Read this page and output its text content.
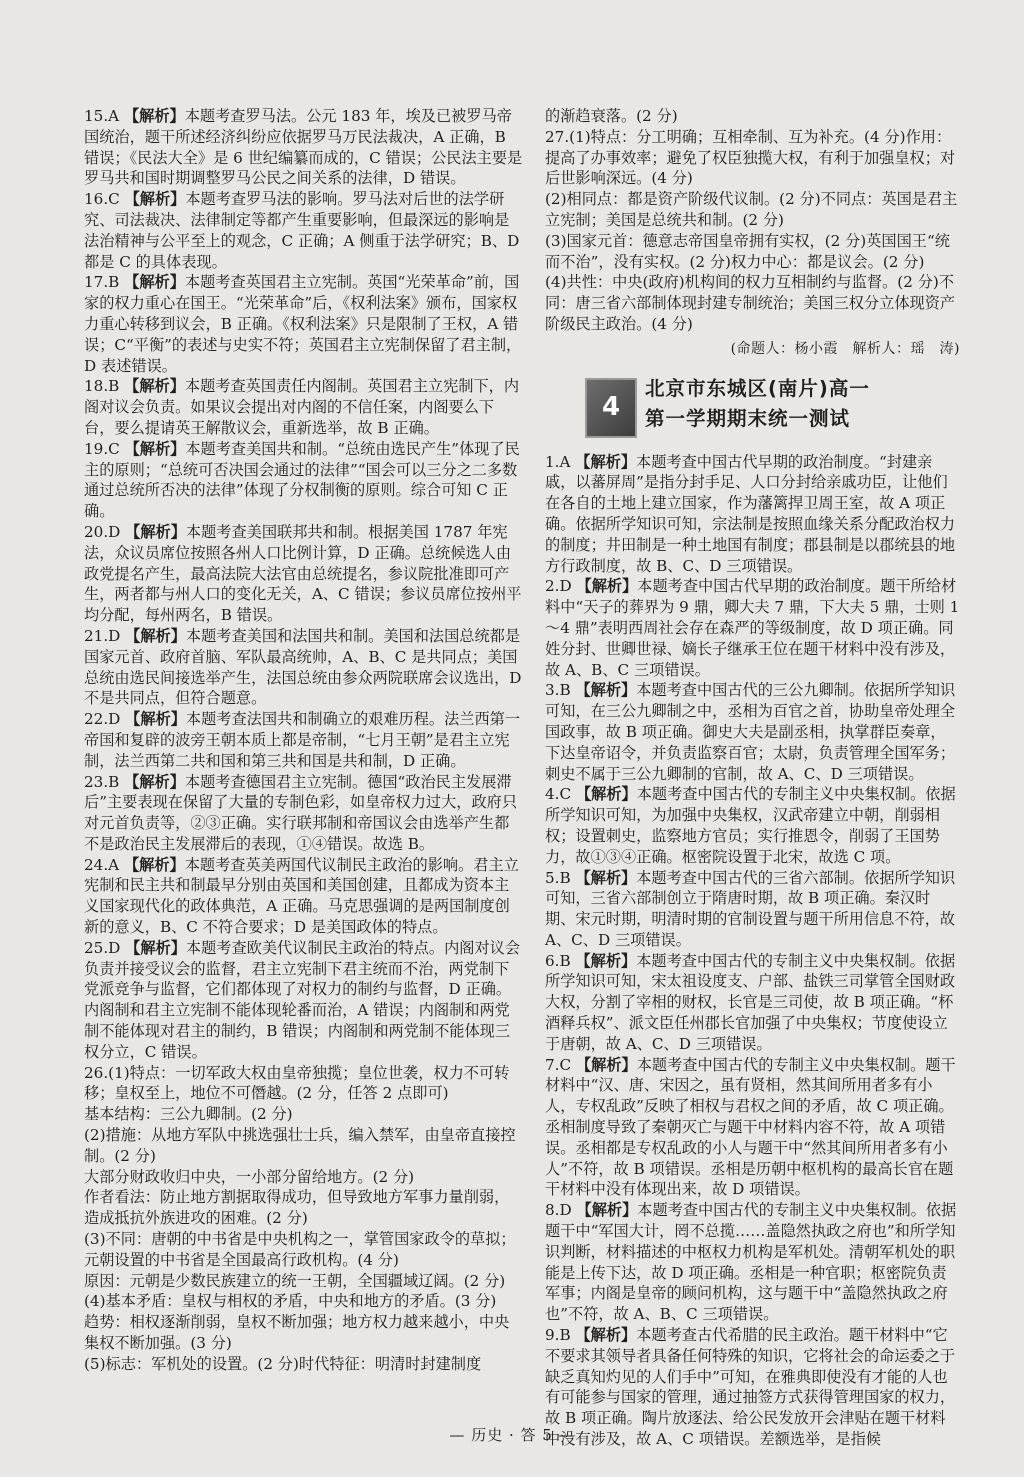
15.A 【解析】本题考查罗马法。公元 183 年，埃及已被罗马帝国统治，题干所述经济纠纷应依据罗马万民法裁决，A 正确，B 错误；《民法大全》是 6 世纪编纂而成的，C 错误；公民法主要是罗马共和国时期调整罗马公民之间关系的法律，D 错误。

16.C 【解析】本题考查罗马法的影响。罗马法对后世的法学研究、司法裁决、法律制定等都产生重要影响，但最深远的影响是法治精神与公平至上的观念，C 正确；A 侧重于法学研究；B、D 都是 C 的具体表现。

17.B 【解析】本题考查英国君主立宪制。英国“光荣革命”前，国家的权力重心在国王。“光荣革命”后，《权利法案》颁布，国家权力重心转移到议会，B 正确。《权利法案》只是限制了王权，A 错误；C“平衡”的表述与史实不符；英国君主立宪制保留了君主制，D 表述错误。

18.B 【解析】本题考查英国责任内阁制。英国君主立宪制下，内阁对议会负责。如果议会提出对内阁的不信任案，内阁要么下台，要么提请英王解散议会，重新选举，故 B 正确。

19.C 【解析】本题考查美国共和制。“总统由选民产生”体现了民主的原则；“总统可否决国会通过的法律”“国会可以三分之二多数通过总统所否决的法律”体现了分权制衡的原则。综合可知 C 正确。

20.D 【解析】本题考查美国联邦共和制。根据美国 1787 年宪法，众议员席位按照各州人口比例计算，D 正确。总统候选人由政党提名产生，最高法院大法官由总统提名，参议院批准即可产生，两者都与州人口的变化无关，A、C 错误；参议员席位按州平均分配，每州两名，B 错误。

21.D 【解析】本题考查美国和法国共和制。美国和法国总统都是国家元首、政府首脑、军队最高统帅，A、B、C 是共同点；美国总统由选民间接选举产生，法国总统由参众两院联席会议选出，D 不是共同点，但符合题意。

22.D 【解析】本题考查法国共和制确立的艰难历程。法兰西第一帝国和复辟的波旁王朝本质上都是帝制，“七月王朝”是君主立宪制，法兰西第二共和国和第三共和国是共和制，D 正确。

23.B 【解析】本题考查德国君主立宪制。德国“政治民主发展滞后”主要表现在保留了大量的专制色彩，如皇帝权力过大，政府只对元首负责等，②③正确。实行联邦制和帝国议会由选举产生都不是政治民主发展滞后的表现，①④错误。故选 B。

24.A 【解析】本题考查英美两国代议制民主政治的影响。君主立宪制和民主共和制最早分别由英国和美国创建，且都成为资本主义国家现代化的政体典范，A 正确。马克思强调的是两国制度创新的意义，B、C 不符合要求；D 是美国政体的特点。

25.D 【解析】本题考查欧美代议制民主政治的特点。内阁对议会负责并接受议会的监督，君主立宪制下君主统而不治，两党制下党派竞争与监督，它们都体现了对权力的制约与监督，D 正确。内阁制和君主立宪制不能体现轮番而治，A 错误；内阁制和两党制不能体现对君主的制约，B 错误；内阁制和两党制不能体现三权分立，C 错误。

26.(1)特点：一切军政大权由皇帝独揽；皇位世袭，权力不可转移；皇权至上，地位不可僭越。(2 分，任答 2 点即可)

基本结构：三公九卿制。(2 分)

(2)措施：从地方军队中挑选强壮士兵，编入禁军，由皇帝直接控制。(2 分)

大部分财政收归中央，一小部分留给地方。(2 分)

作者看法：防止地方割据取得成功，但导致地方军事力量削弱，造成抵抗外族进攻的困难。(2 分)

(3)不同：唐朝的中书省是中央机构之一，掌管国家政令的草拟；元朝设置的中书省是全国最高行政机构。(4 分)

原因：元朝是少数民族建立的统一王朝，全国疆域辽阔。(2 分)

(4)基本矛盾：皇权与相权的矛盾，中央和地方的矛盾。(3 分)

趋势：相权逐渐削弱，皇权不断加强；地方权力越来越小，中央集权不断加强。(3 分)

(5)标志：军机处的设置。(2 分)时代特征：明清时封建制度

的渐趋衰落。(2 分)

27.(1)特点：分工明确；互相牵制、互为补充。(4 分)作用：提高了办事效率；避免了权臣独揽大权，有利于加强皇权；对后世影响深远。(4 分)

(2)相同点：都是资产阶级代议制。(2 分)不同点：英国是君主立宪制；美国是总统共和制。(2 分)

(3)国家元首：德意志帝国皇帝拥有实权，(2 分)英国国王“统而不治”，没有实权。(2 分)权力中心：都是议会。(2 分)

(4)共性：中央(政府)机构间的权力互相制约与监督。(2 分)不同：唐三省六部制体现封建专制统治；美国三权分立体现资产阶级民主政治。(4 分)

(命题人：杨小霞　解析人：瑶　涛)

4
北京市东城区(南片)高一
第一学期期末统一测试

1.A 【解析】本题考查中国古代早期的政治制度。“封建亲戚，以蕃屏周”是指分封手足、人口分封给亲戚功臣，让他们在各自的土地上建立国家，作为藩篱捍卫周王室，故 A 项正确。依据所学知识可知，宗法制是按照血缘关系分配政治权力的制度；井田制是一种土地国有制度；郡县制是以郡统县的地方行政制度，故 B、C、D 三项错误。

2.D 【解析】本题考查中国古代早期的政治制度。题干所给材料中“天子的葬界为 9 鼎，卿大夫 7 鼎，下大夫 5 鼎，士则 1～4 鼎”表明西周社会存在森严的等级制度，故 D 项正确。同姓分封、世卿世禄、嫡长子继承王位在题干材料中没有涉及，故 A、B、C 三项错误。

3.B 【解析】本题考查中国古代的三公九卿制。依据所学知识可知，在三公九卿制之中，丞相为百官之首，协助皇帝处理全国政事，故 B 项正确。御史大夫是副丞相，执掌群臣奏章，下达皇帝诏令，并负责监察百官；太尉，负责管理全国军务；刺史不属于三公九卿制的官制，故 A、C、D 三项错误。

4.C 【解析】本题考查中国古代的专制主义中央集权制。依据所学知识可知，为加强中央集权，汉武帝建立中朝，削弱相权；设置刺史，监察地方官员；实行推恩令，削弱了王国势力，故①③④正确。枢密院设置于北宋，故选 C 项。

5.B 【解析】本题考查中国古代的三省六部制。依据所学知识可知，三省六部制创立于隋唐时期，故 B 项正确。秦汉时期、宋元时期，明清时期的官制设置与题干所用信息不符，故 A、C、D 三项错误。

6.B 【解析】本题考查中国古代的专制主义中央集权制。依据所学知识可知，宋太祖设度支、户部、盐铁三司掌管全国财政大权，分割了宰相的财权，长官是三司使，故 B 项正确。“杯酒释兵权”、派文臣任州郡长官加强了中央集权；节度使设立于唐朝，故 A、C、D 三项错误。

7.C 【解析】本题考查中国古代的专制主义中央集权制。题干材料中“汉、唐、宋因之，虽有贤相，然其间所用者多有小人，专权乱政”反映了相权与君权之间的矛盾，故 C 项正确。丞相制度导致了秦朝灭亡与题干中材料内容不符，故 A 项错误。丞相都是专权乱政的小人与题干中“然其间所用者多有小人”不符，故 B 项错误。丞相是历朝中枢机构的最高长官在题干材料中没有体现出来，故 D 项错误。

8.D 【解析】本题考查中国古代的专制主义中央集权制。依据题干中“军国大计，罔不总揽……盖隐然执政之府也”和所学知识判断，材料描述的中枢权力机构是军机处。清朝军机处的职能是上传下达，故 D 项正确。丞相是一种官职；枢密院负责军事；内阁是皇帝的顾问机构，这与题干中“盖隐然执政之府也”不符，故 A、B、C 三项错误。

9.B 【解析】本题考查古代希腊的民主政治。题干材料中“它不要求其领导者具备任何特殊的知识，它将社会的命运委之于缺乏真知灼见的人们手中”可知，在雅典即使没有才能的人也有可能参与国家的管理，通过抽签方式获得管理国家的权力，故 B 项正确。陶片放逐法、给公民发放开会津贴在题干材料中没有涉及，故 A、C 项错误。差额选举，是指候

— 历史 · 答 5 —
